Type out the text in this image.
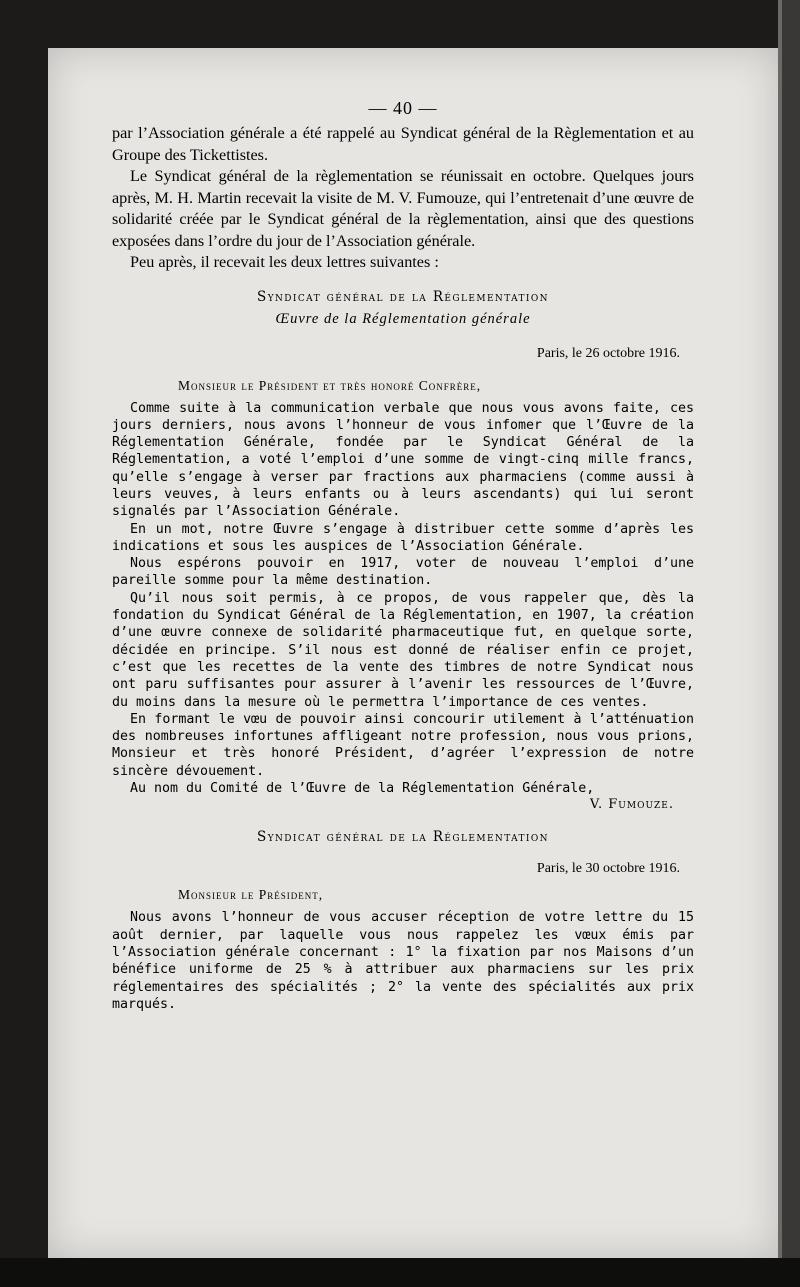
— 40 —

par l’Association générale a été rappelé au Syndicat général de la Règlementation et au Groupe des Tickettistes.

Le Syndicat général de la règlementation se réunissait en octobre. Quelques jours après, M. H. Martin recevait la visite de M. V. Fumouze, qui l’entretenait d’une œuvre de solidarité créée par le Syndicat général de la règlementation, ainsi que des questions exposées dans l’ordre du jour de l’Association générale.

Peu après, il recevait les deux lettres suivantes :

Syndicat général de la Réglementation
Œuvre de la Réglementation générale
Paris, le 26 octobre 1916.
Monsieur le Président et très honoré Confrère,

Comme suite à la communication verbale que nous vous avons faite, ces jours derniers, nous avons l’honneur de vous infomer que l’Œuvre de la Réglementation Générale, fondée par le Syndicat Général de la Réglementation, a voté l’emploi d’une somme de vingt-cinq mille francs, qu’elle s’engage à verser par fractions aux pharmaciens (comme aussi à leurs veuves, à leurs enfants ou à leurs ascendants) qui lui seront signalés par l’Association Générale.

En un mot, notre Œuvre s’engage à distribuer cette somme d’après les indications et sous les auspices de l’Association Générale.

Nous espérons pouvoir en 1917, voter de nouveau l’emploi d’une pareille somme pour la même destination.

Qu’il nous soit permis, à ce propos, de vous rappeler que, dès la fondation du Syndicat Général de la Réglementation, en 1907, la création d’une œuvre connexe de solidarité pharmaceutique fut, en quelque sorte, décidée en principe. S’il nous est donné de réaliser enfin ce projet, c’est que les recettes de la vente des timbres de notre Syndicat nous ont paru suffisantes pour assurer à l’avenir les ressources de l’Œuvre, du moins dans la mesure où le permettra l’importance de ces ventes.

En formant le vœu de pouvoir ainsi concourir utilement à l’atténuation des nombreuses infortunes affligeant notre profession, nous vous prions, Monsieur et très honoré Président, d’agréer l’expression de notre sincère dévouement.

Au nom du Comité de l’Œuvre de la Réglementation Générale,

V. Fumouze.
Syndicat général de la Réglementation
Paris, le 30 octobre 1916.
Monsieur le Président,

Nous avons l’honneur de vous accuser réception de votre lettre du 15 août dernier, par laquelle vous nous rappelez les vœux émis par l’Association générale concernant : 1° la fixation par nos Maisons d’un bénéfice uniforme de 25 % à attribuer aux pharmaciens sur les prix réglementaires des spécialités ; 2° la vente des spécialités aux prix marqués.
